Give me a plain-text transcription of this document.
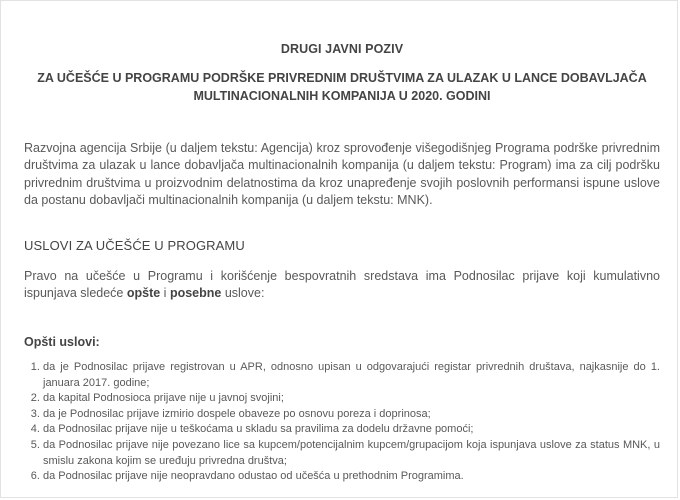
DRUGI JAVNI POZIV
ZA UČEŠĆE U PROGRAMU PODRŠKE PRIVREDNIM DRUŠTVIMA ZA ULAZAK U LANCE DOBAVLJAČA MULTINACIONALNIH KOMPANIJA U 2020. GODINI
Razvojna agencija Srbije (u daljem tekstu: Agencija) kroz sprovođenje višegodišnjeg Programa podrške privrednim društvima za ulazak u lance dobavljača multinacionalnih kompanija (u daljem tekstu: Program) ima za cilj podršku privrednim društvima u proizvodnim delatnostima da kroz unapređenje svojih poslovnih performansi ispune uslove da postanu dobavljači multinacionalnih kompanija (u daljem tekstu: MNK).
USLOVI ZA UČEŠĆE U PROGRAMU
Pravo na učešće u Programu i korišćenje bespovratnih sredstava ima Podnosilac prijave koji kumulativno ispunjava sledeće opšte i posebne uslove:
Opšti uslovi:
1. da je Podnosilac prijave registrovan u APR, odnosno upisan u odgovarajući registar privrednih društava, najkasnije do 1. januara 2017. godine;
2. da kapital Podnosioca prijave nije u javnoj svojini;
3. da je Podnosilac prijave izmirio dospele obaveze po osnovu poreza i doprinosa;
4. da Podnosilac prijave nije u teškoćama u skladu sa pravilima za dodelu državne pomoći;
5. da Podnosilac prijave nije povezano lice sa kupcem/potencijalnim kupcem/grupacijom koja ispunjava uslove za status MNK, u smislu zakona kojim se uređuju privredna društva;
6. da Podnosilac prijave nije neopravdano odustao od učešća u prethodnim Programima.
